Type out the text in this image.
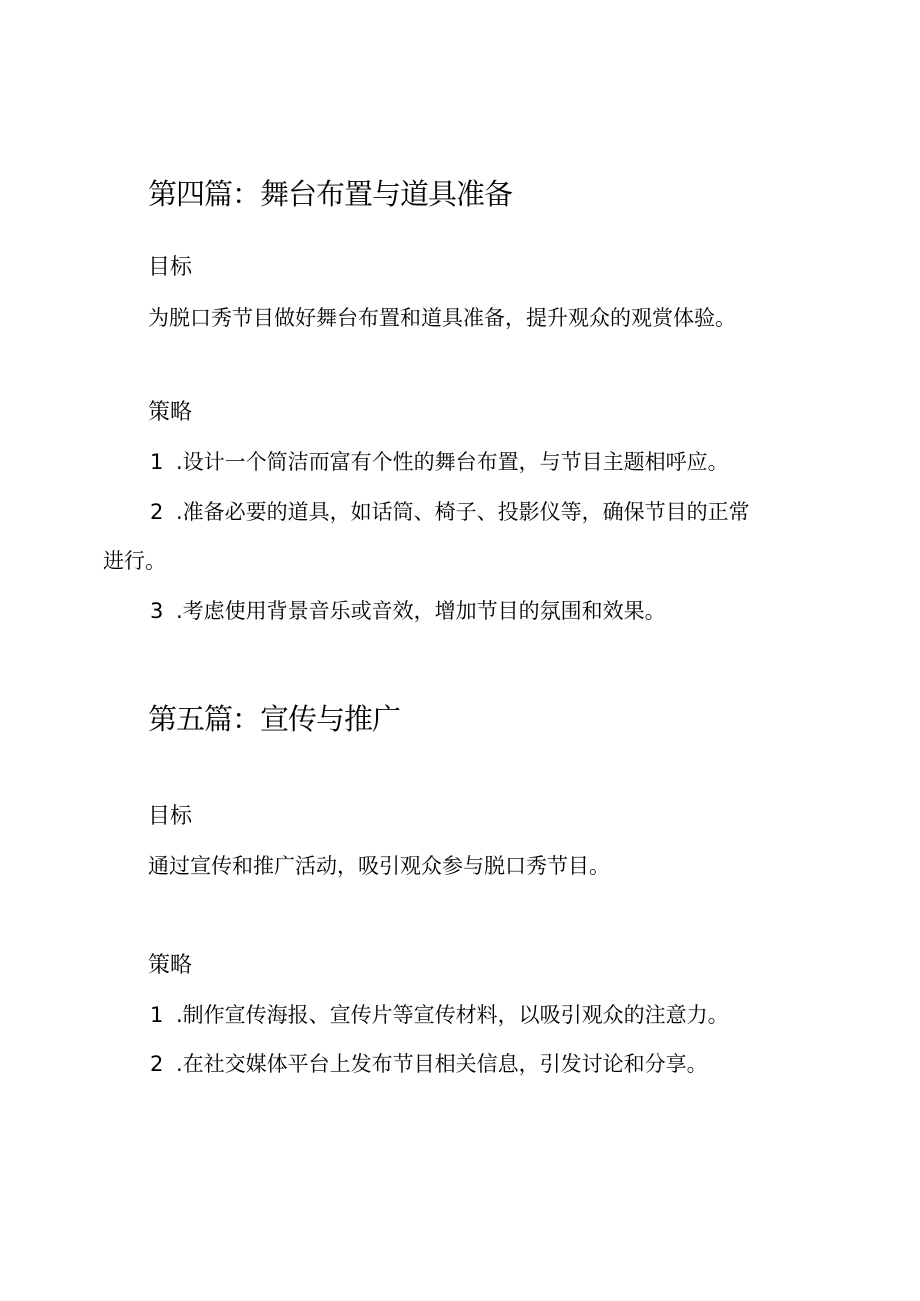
第四篇：舞台布置与道具准备
目标
为脱口秀节目做好舞台布置和道具准备，提升观众的观赏体验。
策略
1 .设计一个简洁而富有个性的舞台布置，与节目主题相呼应。
2 .准备必要的道具，如话筒、椅子、投影仪等，确保节目的正常
进行。
3 .考虑使用背景音乐或音效，增加节目的氛围和效果。
第五篇：宣传与推广
目标
通过宣传和推广活动，吸引观众参与脱口秀节目。
策略
1 .制作宣传海报、宣传片等宣传材料，以吸引观众的注意力。
2 .在社交媒体平台上发布节目相关信息，引发讨论和分享。
